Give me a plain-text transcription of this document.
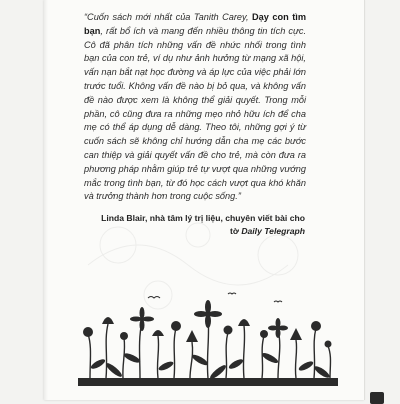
“Cuốn sách mới nhất của Tanith Carey, Dạy con tìm bạn, rất bổ ích và mang đến nhiều thông tin tích cực. Cô đã phân tích những vấn đề nhức nhối trong tình bạn của con trẻ, ví dụ như ảnh hưởng từ mạng xã hội, vấn nạn bắt nạt học đường và áp lực của việc phải lớn trước tuổi. Không vấn đề nào bị bỏ qua, và không vấn đề nào được xem là không thể giải quyết. Trong mỗi phần, cô cũng đưa ra những mẹo nhỏ hữu ích để cha mẹ có thể áp dụng dễ dàng. Theo tôi, những gợi ý từ cuốn sách sẽ không chỉ hướng dẫn cha mẹ các bước can thiệp và giải quyết vấn đề cho trẻ, mà còn đưa ra phương pháp nhằm giúp trẻ tự vượt qua những vướng mắc trong tình bạn, từ đó học cách vượt qua khó khăn và trưởng thành hơn trong cuộc sống.”
Linda Blair, nhà tâm lý trị liệu, chuyên viết bài cho
tờ Daily Telegraph
